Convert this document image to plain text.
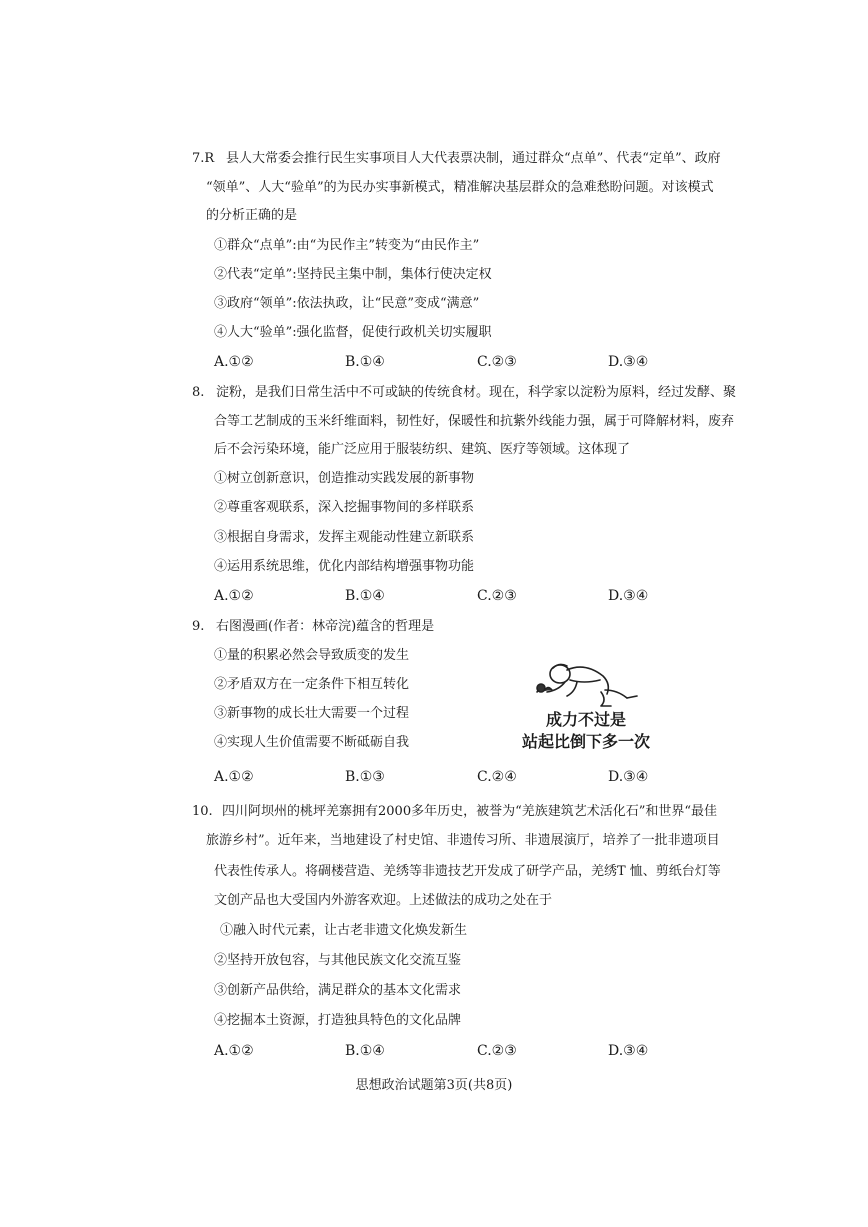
7.R 县人大常委会推行民生实事项目人大代表票决制，通过群众“点单”、代表“定单”、政府
“领单”、人大“验单”的为民办实事新模式，精准解决基层群众的急难愁盼问题。对该模式
的分析正确的是
①群众“点单”:由“为民作主”转变为“由民作主”
②代表“定单”:坚持民主集中制，集体行使决定权
③政府“领单”:依法执政，让“民意”变成“满意”
④人大“验单”:强化监督，促使行政机关切实履职
A.①②	B.①④	C.②③	D.③④
8. 淀粉，是我们日常生活中不可或缺的传统食材。现在，科学家以淀粉为原料，经过发酵、聚
合等工艺制成的玉米纤维面料，韧性好，保暖性和抗紫外线能力强，属于可降解材料，废弃
后不会污染环境，能广泛应用于服装纺织、建筑、医疗等领域。这体现了
①树立创新意识，创造推动实践发展的新事物
②尊重客观联系，深入挖掘事物间的多样联系
③根据自身需求，发挥主观能动性建立新联系
④运用系统思维，优化内部结构增强事物功能
A.①②	B.①④	C.②③	D.③④
9. 右图漫画(作者：林帝浣)蕴含的哲理是
①量的积累必然会导致质变的发生
②矛盾双方在一定条件下相互转化
③新事物的成长壮大需要一个过程
④实现人生价值需要不断砥砺自我
成力不过是
站起比倒下多一次
A.①②	B.①③	C.②④	D.③④
10. 四川阿坝州的桃坪羌寨拥有2000多年历史，被誉为“羌族建筑艺术活化石”和世界“最佳
旅游乡村”。近年来，当地建设了村史馆、非遗传习所、非遗展演厅，培养了一批非遗项目
代表性传承人。将碉楼营造、羌绣等非遗技艺开发成了研学产品，羌绣T 恤、剪纸台灯等
文创产品也大受国内外游客欢迎。上述做法的成功之处在于
①融入时代元素，让古老非遗文化焕发新生
②坚持开放包容，与其他民族文化交流互鉴
③创新产品供给，满足群众的基本文化需求
④挖掘本土资源，打造独具特色的文化品牌
A.①②	B.①④	C.②③	D.③④
思想政治试题第3页(共8页)
